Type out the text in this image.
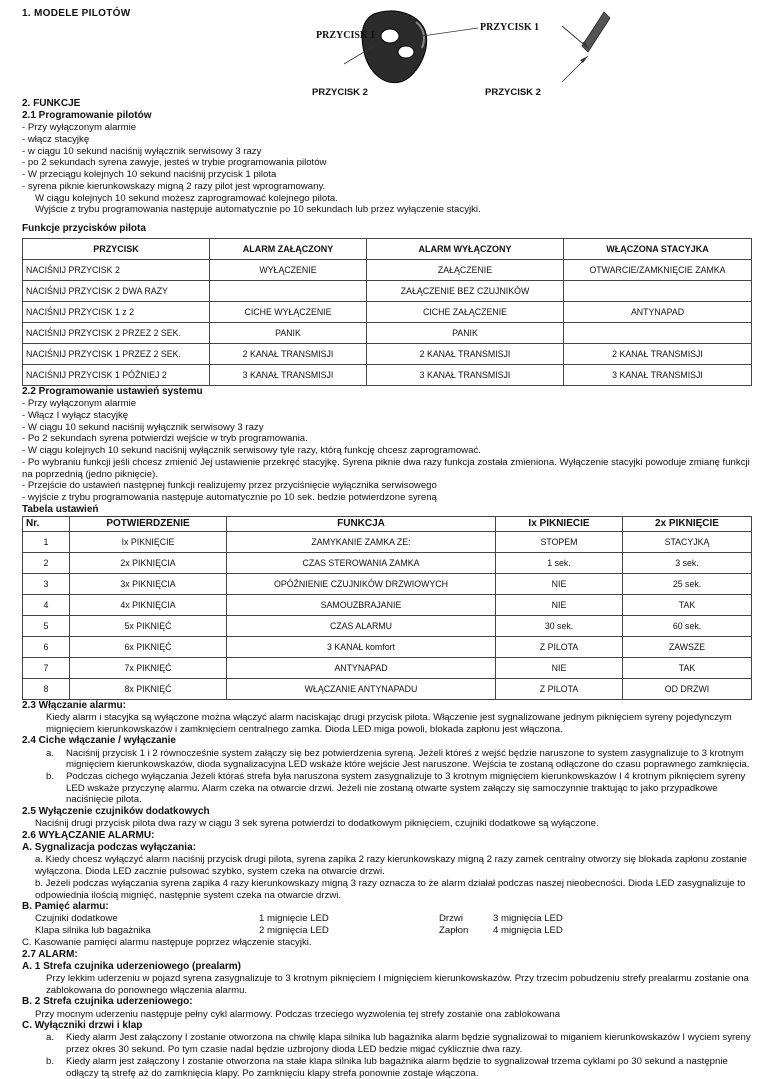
1. MODELE PILOTÓW
PRZYCISK 1
PRZYCISK 1
PRZYCISK 2	PRZYCISK 2
2. FUNKCJE
2.1 Programowanie pilotów
- Przy wyłączonym alarmie
- włącz stacyjkę
- w ciągu 10 sekund naciśnij wyłącznik serwisowy 3 razy
- po 2 sekundach syrena zawyje, jesteś w trybie programowania pilotów
- W przeciągu kolejnych 10 sekund naciśnij przycisk 1 pilota
- syrena piknie kierunkowskazy migną 2 razy pilot jest wprogramowany.
W ciągu kolejnych 10 sekund możesz zaprogramować kolejnego pilota.
Wyjście z trybu programowania następuje automatycznie po 10 sekundach lub przez wyłączenie stacyjki.
Funkcje przycisków pilota
PRZYCISK	ALARM ZAŁĄCZONY	ALARM WYŁĄCZONY	WŁĄCZONA STACYJKA
NACIŚNIJ PRZYCISK 2	WYŁĄCZENIE	ZAŁĄCZENIE	OTWARCIE/ZAMKNIĘCIE ZAMKA
NACIŚNIJ PRZYCISK 2 DWA RAZY		ZAŁĄCZENIE BEZ CZUJNIKÓW	
NACIŚNIJ PRZYCISK 1 z 2	CICHE WYŁĄCZENIE	CICHE ZAŁĄCZENIE	ANTYNAPAD
NACIŚNIJ PRZYCISK 2 PRZEZ 2 SEK.	PANIK	PANIK	
NACIŚNIJ PRZYCISK 1 PRZEZ 2 SEK.	2 KANAŁ TRANSMISJI	2 KANAŁ TRANSMISJI	2 KANAŁ TRANSMISJI
NACIŚNIJ PRZYCISK 1 PÓŹNIEJ 2	3 KANAŁ TRANSMISJI	3 KANAŁ TRANSMISJI	3 KANAŁ TRANSMISJI
2.2 Programowanie ustawień systemu
- Przy wyłączonym alarmie
- Włącz I wyłącz stacyjkę
- W ciągu 10 sekund naciśnij wyłącznik serwisowy 3 razy
- Po 2 sekundach syrena potwierdzi wejście w tryb programowania.
- W ciągu kolejnych 10 sekund naciśnij wyłącznik serwisowy tyle razy, którą funkcję chcesz zaprogramować.
- Po wybraniu funkcji jeśli chcesz zmienić Jej ustawienie przekręć stacyjkę. Syrena piknie dwa razy funkcja została zmieniona. Wyłączenie stacyjki powoduje zmianę funkcji na poprzednią (jedno piknięcie).
- Przejście do ustawień następnej funkcji realizujemy przez przyciśnięcie wyłącznika serwisowego
- wyjście z trybu programowania następuje automatycznie po 10 sek. bedzie potwierdzone syreną
Tabela ustawień
Nr.	POTWIERDZENIE	FUNKCJA	Ix PIKNIECIE	2x PIKNIĘCIE
1	Ix PIKNIĘCIE	ZAMYKANIE ZAMKA ZE:	STOPEM	STACYJKĄ
2	2x PIKNIĘCIA	CZAS STEROWANIA ZAMKA	1 sek.	3 sek.
3	3x PIKNIĘCIA	OPÓŹNIENIE CZUJNIKÓW DRZWIOWYCH	NIE	25 sek.
4	4x PIKNIĘCIA	SAMOUZBRAJANIE	NIE	TAK
5	5x PIKNIĘĆ	CZAS ALARMU	30 sek.	60 sek.
6	6x PIKNIĘĆ	3 KANAŁ komfort	Z PILOTA	ZAWSZE
7	7x PIKNIĘĆ	ANTYNAPAD	NIE	TAK
8	8x PIKNIĘĆ	WŁĄCZANIE ANTYNAPADU	Z PILOTA	OD DRZWI
2.3 Włączanie alarmu:
Kiedy alarm i stacyjka są wyłączone można włączyć alarm naciskając drugi przycisk pilota. Włączenie jest sygnalizowane jednym piknięciem syreny pojedynczym mignięciem kierunkowskazów i zamknięciem centralnego zamka. Dioda LED miga powoli, blokada zapłonu jest włączona.
2.4 Ciche włączanie / wyłączanie
a.	Naciśnij przycisk 1 i 2 równocześnie system załączy się bez potwierdzenia syreną. Jeżeli któreś z wejść będzie naruszone to system zasygnalizuje to 3 krotnym mignięciem kierunkowskazów, dioda sygnalizacyjna LED wskaże które wejście Jest naruszone. Wejścia te zostaną odłączone do czasu poprawnego zamknięcia.
b.	Podczas cichego wyłączania Jeżeli któraś strefa była naruszona system zasygnalizuje to 3 krotnym mignięciem kierunkowskazów I 4 krotnym piknięciem syreny LED wskaże przyczynę alarmu. Alarm czeka na otwarcie drzwi. Jeżeli nie zostaną otwarte system załączy się samoczynnie traktując to jako przypadkowe naciśnięcie pilota.
2.5 Wyłączenie czujników dodatkowych
Naciśnij drugi przycisk pilota dwa razy w ciągu 3 sek syrena potwierdzi to dodatkowym piknięciem, czujniki dodatkowe są wyłączone.
2.6 WYŁĄCZANIE ALARMU:
A. Sygnalizacja podczas wyłączania:
a. Kiedy chcesz wyłączyć alarm naciśnij przycisk drugi pilota, syrena zapika 2 razy kierunkowskazy migną 2 razy zamek centralny otworzy się blokada zapłonu zostanie wyłączona. Dioda LED zacznie pulsować szybko, system czeka na otwarcie drzwi.
b. Jeżeli podczas wyłączania syrena zapika 4 razy kierunkowskazy migną 3 razy oznacza to że alarm działał podczas naszej nieobecności. Dioda LED zasygnalizuje to odpowiednia ilością mignięć, następnie system czeka na otwarcie drzwi.
B. Pamięć alarmu:
Czujniki dodatkowe	1 mignięcie LED	Drzwi	3 mignięcia LED
Klapa silnika lub bagażnika	2 mignięcia LED	Zapłon	4 mignięcia LED
C. Kasowanie pamięci alarmu następuje poprzez włączenie stacyjki.
2.7 ALARM:
A. 1 Strefa czujnika uderzeniowego (prealarm)
Przy lekkim uderzeniu w pojazd syrena zasygnalizuje to 3 krotnym piknięciem I mignięciem kierunkowskazów. Przy trzecim pobudzeniu strefy prealarmu zostanie ona zablokowana do ponownego włączenia alarmu.
B. 2 Strefa czujnika uderzeniowego:
Przy mocnym uderzeniu następuje pełny cykl alarmowy. Podczas trzeciego wyzwolenia tej strefy zostanie ona zablokowana
C. Wyłączniki drzwi i klap
a.	Kiedy alarm Jest załączony I zostanie otworzona na chwilę klapa silnika lub bagażnika alarm będzie sygnalizował to miganiem kierunkowskazów I wyciem syreny przez okres 30 sekund. Po tym czasie nadal będzie uzbrojony dioda LED bedzie migać cyklicznie dwa razy.
b.	Kiedy alarm jest załączony I zostanie otworzona na stałe klapa silnika lub bagażnika alarm będzie to sygnalizował trzema cyklami po 30 sekund a następnie odłączy tą strefę aż do zamknięcia klapy. Po zamknięciu klapy strefa ponownie zostaje włączona.
